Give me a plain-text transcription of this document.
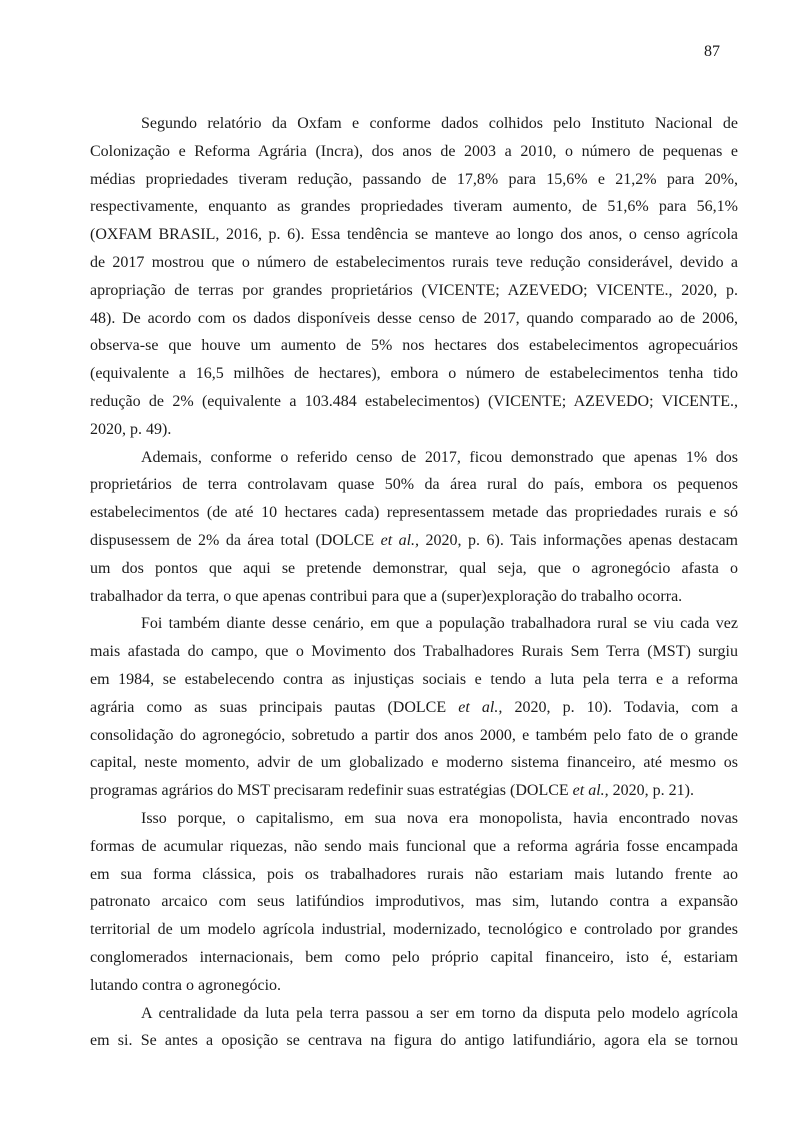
87

Segundo relatório da Oxfam e conforme dados colhidos pelo Instituto Nacional de
Colonização e Reforma Agrária (Incra), dos anos de 2003 a 2010, o número de pequenas e
médias propriedades tiveram redução, passando de 17,8% para 15,6% e 21,2% para 20%,
respectivamente, enquanto as grandes propriedades tiveram aumento, de 51,6% para 56,1%
(OXFAM BRASIL, 2016, p. 6). Essa tendência se manteve ao longo dos anos, o censo agrícola
de 2017 mostrou que o número de estabelecimentos rurais teve redução considerável, devido a
apropriação de terras por grandes proprietários (VICENTE; AZEVEDO; VICENTE., 2020, p.
48). De acordo com os dados disponíveis desse censo de 2017, quando comparado ao de 2006,
observa-se que houve um aumento de 5% nos hectares dos estabelecimentos agropecuários
(equivalente a 16,5 milhões de hectares), embora o número de estabelecimentos tenha tido
redução de 2% (equivalente a 103.484 estabelecimentos) (VICENTE; AZEVEDO; VICENTE.,
2020, p. 49).

Ademais, conforme o referido censo de 2017, ficou demonstrado que apenas 1% dos
proprietários de terra controlavam quase 50% da área rural do país, embora os pequenos
estabelecimentos (de até 10 hectares cada) representassem metade das propriedades rurais e só
dispusessem de 2% da área total (DOLCE et al., 2020, p. 6). Tais informações apenas destacam
um dos pontos que aqui se pretende demonstrar, qual seja, que o agronegócio afasta o
trabalhador da terra, o que apenas contribui para que a (super)exploração do trabalho ocorra.

Foi também diante desse cenário, em que a população trabalhadora rural se viu cada vez
mais afastada do campo, que o Movimento dos Trabalhadores Rurais Sem Terra (MST) surgiu
em 1984, se estabelecendo contra as injustiças sociais e tendo a luta pela terra e a reforma
agrária como as suas principais pautas (DOLCE et al., 2020, p. 10). Todavia, com a
consolidação do agronegócio, sobretudo a partir dos anos 2000, e também pelo fato de o grande
capital, neste momento, advir de um globalizado e moderno sistema financeiro, até mesmo os
programas agrários do MST precisaram redefinir suas estratégias (DOLCE et al., 2020, p. 21).

Isso porque, o capitalismo, em sua nova era monopolista, havia encontrado novas
formas de acumular riquezas, não sendo mais funcional que a reforma agrária fosse encampada
em sua forma clássica, pois os trabalhadores rurais não estariam mais lutando frente ao
patronato arcaico com seus latifúndios improdutivos, mas sim, lutando contra a expansão
territorial de um modelo agrícola industrial, modernizado, tecnológico e controlado por grandes
conglomerados internacionais, bem como pelo próprio capital financeiro, isto é, estariam
lutando contra o agronegócio.

A centralidade da luta pela terra passou a ser em torno da disputa pelo modelo agrícola
em si. Se antes a oposição se centrava na figura do antigo latifundiário, agora ela se tornou
